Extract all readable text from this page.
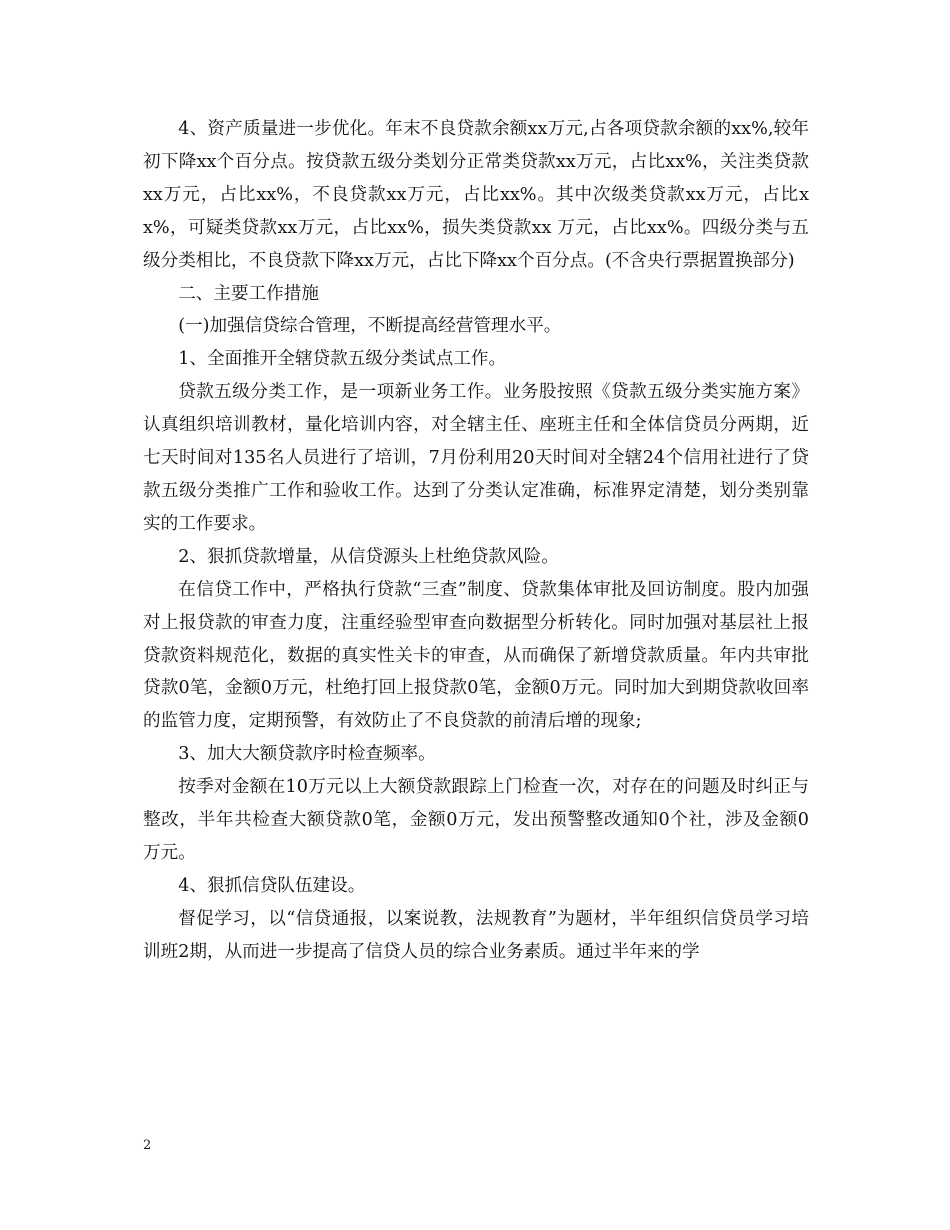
4、资产质量进一步优化。年末不良贷款余额xx万元,占各项贷款余额的xx%,较年初下降xx个百分点。按贷款五级分类划分正常类贷款xx万元，占比xx%，关注类贷款xx万元，占比xx%，不良贷款xx万元，占比xx%。其中次级类贷款xx万元，占比xx%，可疑类贷款xx万元，占比xx%，损失类贷款xx 万元，占比xx%。四级分类与五级分类相比，不良贷款下降xx万元，占比下降xx个百分点。(不含央行票据置换部分)

二、主要工作措施

(一)加强信贷综合管理，不断提高经营管理水平。

1、全面推开全辖贷款五级分类试点工作。

贷款五级分类工作，是一项新业务工作。业务股按照《贷款五级分类实施方案》认真组织培训教材，量化培训内容，对全辖主任、座班主任和全体信贷员分两期，近七天时间对135名人员进行了培训，7月份利用20天时间对全辖24个信用社进行了贷款五级分类推广工作和验收工作。达到了分类认定准确，标准界定清楚，划分类别靠实的工作要求。

2、狠抓贷款增量，从信贷源头上杜绝贷款风险。

在信贷工作中，严格执行贷款“三查”制度、贷款集体审批及回访制度。股内加强对上报贷款的审查力度，注重经验型审查向数据型分析转化。同时加强对基层社上报贷款资料规范化，数据的真实性关卡的审查，从而确保了新增贷款质量。年内共审批贷款0笔，金额0万元，杜绝打回上报贷款0笔，金额0万元。同时加大到期贷款收回率的监管力度，定期预警，有效防止了不良贷款的前清后增的现象;

3、加大大额贷款序时检查频率。

按季对金额在10万元以上大额贷款跟踪上门检查一次，对存在的问题及时纠正与整改，半年共检查大额贷款0笔，金额0万元，发出预警整改通知0个社，涉及金额0 万元。

4、狠抓信贷队伍建设。

督促学习，以“信贷通报，以案说教，法规教育”为题材，半年组织信贷员学习培训班2期，从而进一步提高了信贷人员的综合业务素质。通过半年来的学

2
